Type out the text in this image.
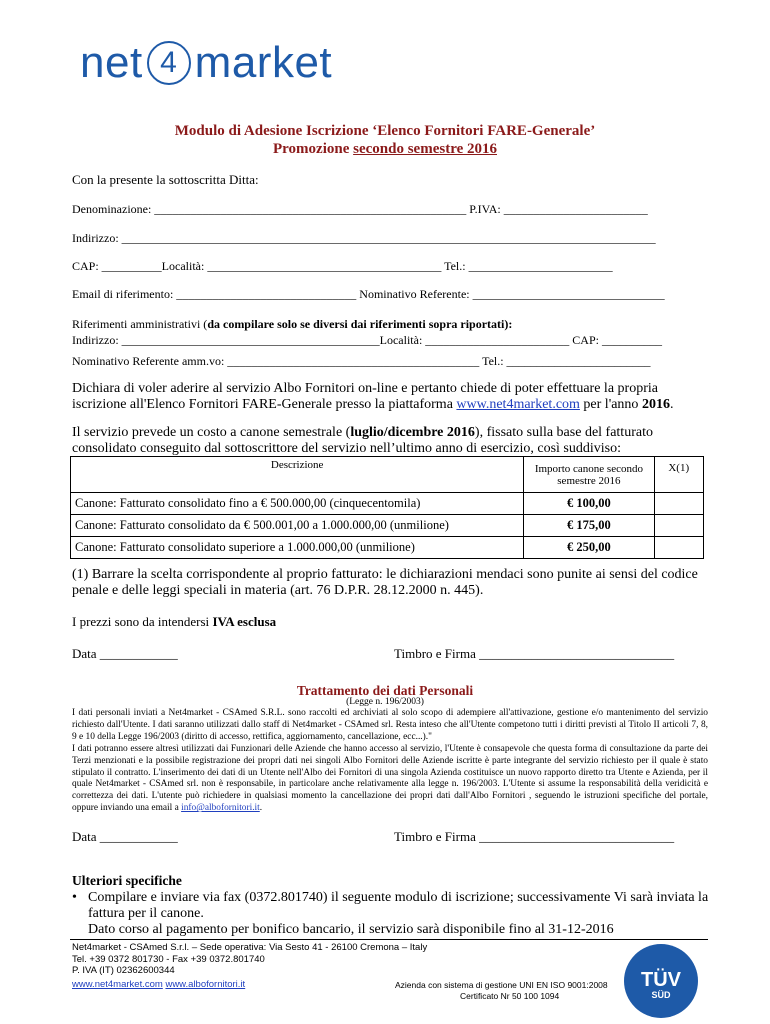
net 4 market
Modulo di Adesione Iscrizione ‘Elenco Fornitori FARE-Generale’
Promozione secondo semestre 2016
Con la presente la sottoscritta Ditta:
Denominazione: ____________________________________________________ P.IVA: ________________________
Indirizzo: _________________________________________________________________________________________
CAP: __________Località: _______________________________________ Tel.: ________________________
Email di riferimento: ______________________________ Nominativo Referente: ________________________________
Riferimenti amministrativi (da compilare solo se diversi dai riferimenti sopra riportati):
Indirizzo: ___________________________________________Località: ________________________ CAP: __________
Nominativo Referente amm.vo: __________________________________________ Tel.: ________________________
Dichiara di voler aderire al servizio Albo Fornitori on-line e pertanto chiede di poter effettuare la propria iscrizione all'Elenco Fornitori FARE-Generale presso la piattaforma www.net4market.com per l'anno 2016.
Il servizio prevede un costo a canone semestrale (luglio/dicembre 2016), fissato sulla base del fatturato consolidato conseguito dal sottoscrittore del servizio nell’ultimo anno di esercizio, così suddiviso:
Descrizione	Importo canone secondo semestre 2016	X(1)
Canone: Fatturato consolidato fino a € 500.000,00 (cinquecentomila)	€ 100,00	
Canone: Fatturato consolidato da € 500.001,00 a 1.000.000,00 (unmilione)	€ 175,00	
Canone: Fatturato consolidato superiore a 1.000.000,00 (unmilione)	€ 250,00	
(1) Barrare la scelta corrispondente al proprio fatturato: le dichiarazioni mendaci sono punite ai sensi del codice penale e delle leggi speciali in materia (art. 76 D.P.R. 28.12.2000 n. 445).
I prezzi sono da intendersi IVA esclusa
Data ____________	Timbro e Firma ______________________________
Trattamento dei dati Personali
(Legge n. 196/2003)
I dati personali inviati a Net4market - CSAmed S.R.L. sono raccolti ed archiviati al solo scopo di adempiere all'attivazione, gestione e/o mantenimento del servizio richiesto dall'Utente. I dati saranno utilizzati dallo staff di Net4market - CSAmed srl. Resta inteso che all'Utente competono tutti i diritti previsti al Titolo II articoli 7, 8, 9 e 10 della Legge 196/2003 (diritto di accesso, rettifica, aggiornamento, cancellazione, ecc...)."
I dati potranno essere altresì utilizzati dai Funzionari delle Aziende che hanno accesso al servizio, l'Utente è consapevole che questa forma di consultazione da parte dei Terzi menzionati e la possibile registrazione dei propri dati nei singoli Albo Fornitori delle Aziende iscritte è parte integrante del servizio richiesto per il quale è stato stipulato il contratto. L'inserimento dei dati di un Utente nell'Albo dei Fornitori di una singola Azienda costituisce un nuovo rapporto diretto tra Utente e Azienda, per il quale Net4market - CSAmed srl. non è responsabile, in particolare anche relativamente alla legge n. 196/2003. L'Utente si assume la responsabilità della veridicità e correttezza dei dati. L'utente può richiedere in qualsiasi momento la cancellazione dei propri dati dall'Albo Fornitori , seguendo le istruzioni specifiche del portale, oppure inviando una email a info@albofornitori.it.
Data ____________	Timbro e Firma ______________________________
Ulteriori specifiche
• Compilare e inviare via fax (0372.801740) il seguente modulo di iscrizione; successivamente Vi sarà inviata la fattura per il canone.
Dato corso al pagamento per bonifico bancario, il servizio sarà disponibile fino al 31-12-2016
Net4market - CSAmed S.r.l. – Sede operativa: Via Sesto 41 - 26100 Cremona – Italy
Tel. +39 0372 801730 - Fax +39 0372.801740
P. IVA (IT) 02362600344
www.net4market.com www.albofornitori.it	Azienda con sistema di gestione UNI EN ISO 9001:2008
Certificato Nr 50 100 1094
TÜV
SÜD
